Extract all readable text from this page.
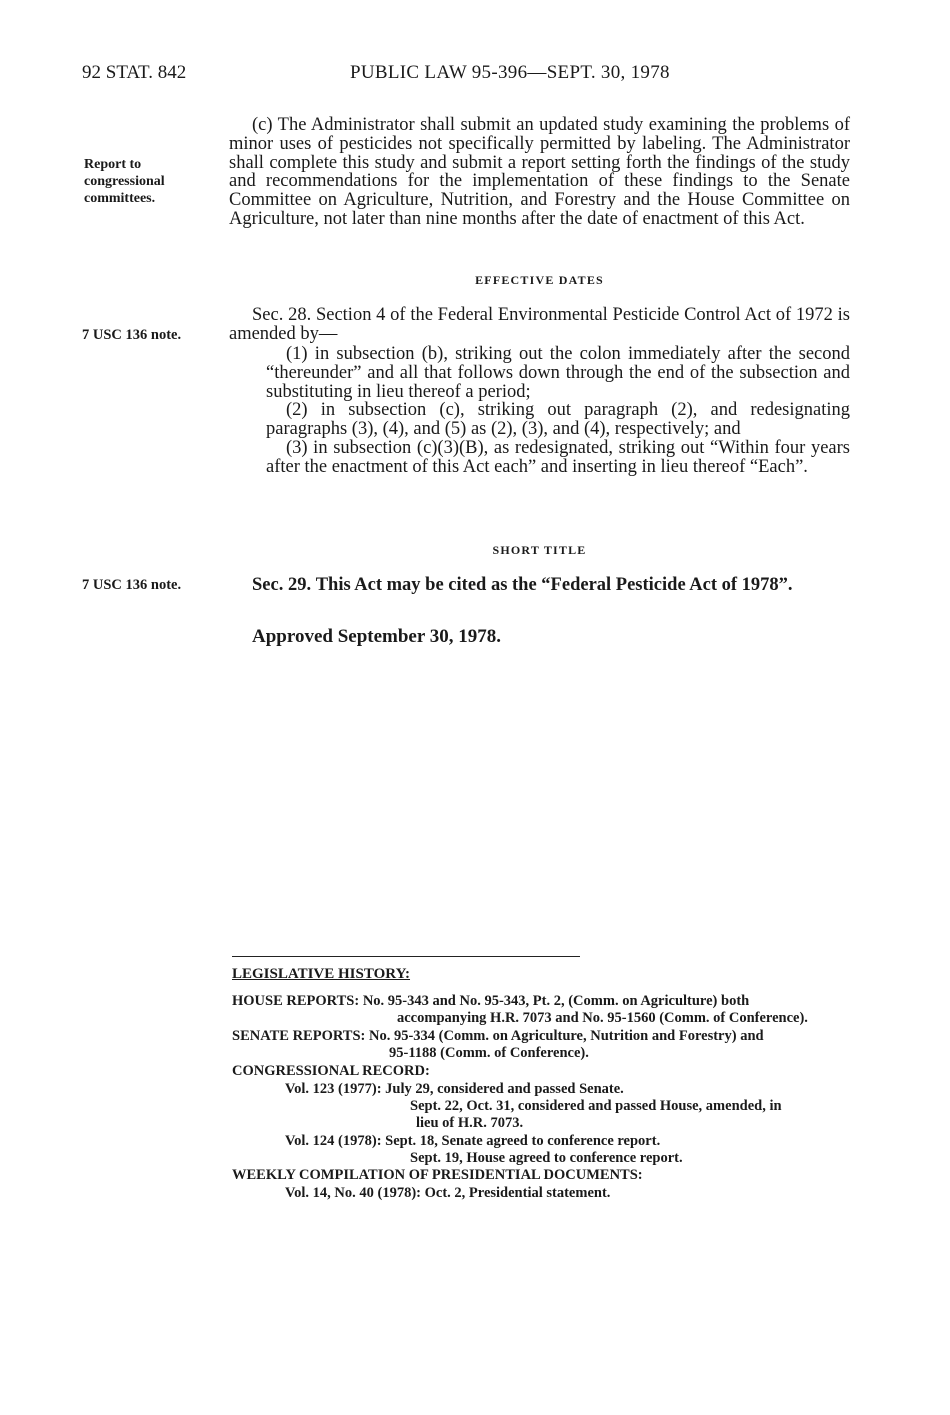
92 STAT. 842	PUBLIC LAW 95-396—SEPT. 30, 1978
Report to
congressional
committees.
7 USC 136 note.
7 USC 136 note.
(c) The Administrator shall submit an updated study examining the problems of minor uses of pesticides not specifically permitted by labeling. The Administrator shall complete this study and submit a report setting forth the findings of the study and recommendations for the implementation of these findings to the Senate Committee on Agriculture, Nutrition, and Forestry and the House Committee on Agriculture, not later than nine months after the date of enactment of this Act.
EFFECTIVE DATES
Sec. 28. Section 4 of the Federal Environmental Pesticide Control Act of 1972 is amended by—

(1) in subsection (b), striking out the colon immediately after the second “thereunder” and all that follows down through the end of the subsection and substituting in lieu thereof a period;

(2) in subsection (c), striking out paragraph (2), and redesignating paragraphs (3), (4), and (5) as (2), (3), and (4), respectively; and

(3) in subsection (c)(3)(B), as redesignated, striking out “Within four years after the enactment of this Act each” and inserting in lieu thereof “Each”.

SHORT TITLE
Sec. 29. This Act may be cited as the “Federal Pesticide Act of 1978”.
Approved September 30, 1978.
LEGISLATIVE HISTORY:
HOUSE REPORTS: No. 95-343 and No. 95-343, Pt. 2, (Comm. on Agriculture) both
accompanying H.R. 7073 and No. 95-1560 (Comm. of Conference).
SENATE REPORTS: No. 95-334 (Comm. on Agriculture, Nutrition and Forestry) and
95-1188 (Comm. of Conference).
CONGRESSIONAL RECORD:
Vol. 123 (1977): July 29, considered and passed Senate.
Sept. 22, Oct. 31, considered and passed House, amended, in
lieu of H.R. 7073.
Vol. 124 (1978): Sept. 18, Senate agreed to conference report.
Sept. 19, House agreed to conference report.
WEEKLY COMPILATION OF PRESIDENTIAL DOCUMENTS:
Vol. 14, No. 40 (1978): Oct. 2, Presidential statement.
